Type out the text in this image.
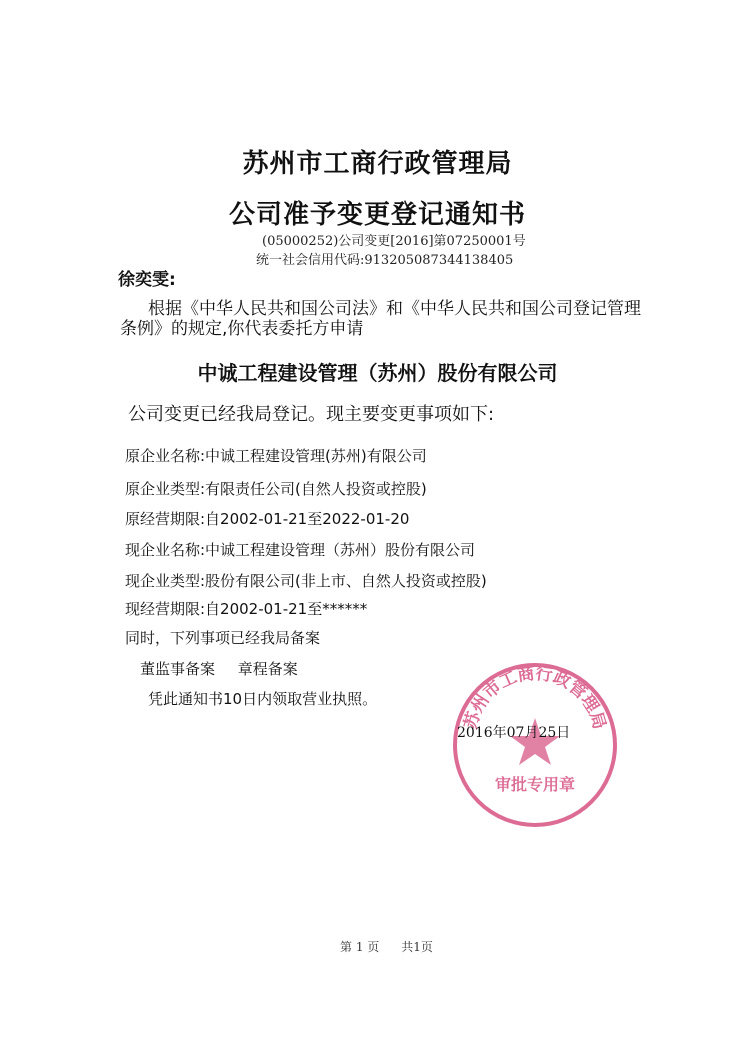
苏州市工商行政管理局
公司准予变更登记通知书
(05000252)公司变更[2016]第07250001号
统一社会信用代码:913205087344138405
徐奕雯:
根据《中华人民共和国公司法》和《中华人民共和国公司登记管理
条例》的规定,你代表委托方申请
中诚工程建设管理（苏州）股份有限公司
公司变更已经我局登记。现主要变更事项如下:
原企业名称:中诚工程建设管理(苏州)有限公司
原企业类型:有限责任公司(自然人投资或控股)
原经营期限:自2002-01-21至2022-01-20
现企业名称:中诚工程建设管理（苏州）股份有限公司
现企业类型:股份有限公司(非上市、自然人投资或控股)
现经营期限:自2002-01-21至******
同时，下列事项已经我局备案
董监事备案 章程备案
凭此通知书10日内领取营业执照。
苏州市工商行政管理局
审批专用章
2016年07月25日
第 1 页 共1页
